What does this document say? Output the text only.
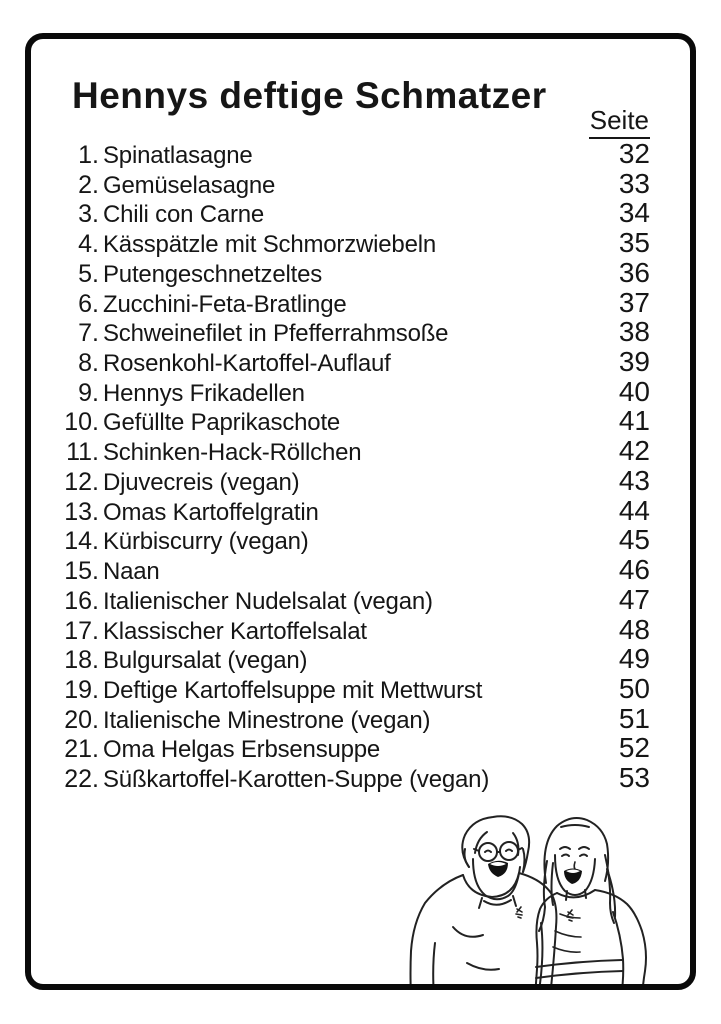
Hennys deftige Schmatzer
Seite
1. Spinatlasagne	32
2. Gemüselasagne	33
3. Chili con Carne	34
4. Kässpätzle mit Schmorzwiebeln	35
5. Putengeschnetzeltes	36
6. Zucchini-Feta-Bratlinge	37
7. Schweinefilet in Pfefferrahmsoße	38
8. Rosenkohl-Kartoffel-Auflauf	39
9. Hennys Frikadellen	40
10. Gefüllte Paprikaschote	41
11. Schinken-Hack-Röllchen	42
12. Djuvecreis (vegan)	43
13. Omas Kartoffelgratin	44
14. Kürbiscurry (vegan)	45
15. Naan	46
16. Italienischer Nudelsalat (vegan)	47
17. Klassischer Kartoffelsalat	48
18. Bulgursalat (vegan)	49
19. Deftige Kartoffelsuppe mit Mettwurst	50
20. Italienische Minestrone (vegan)	51
21. Oma Helgas Erbsensuppe	52
22. Süßkartoffel-Karotten-Suppe (vegan)	53
